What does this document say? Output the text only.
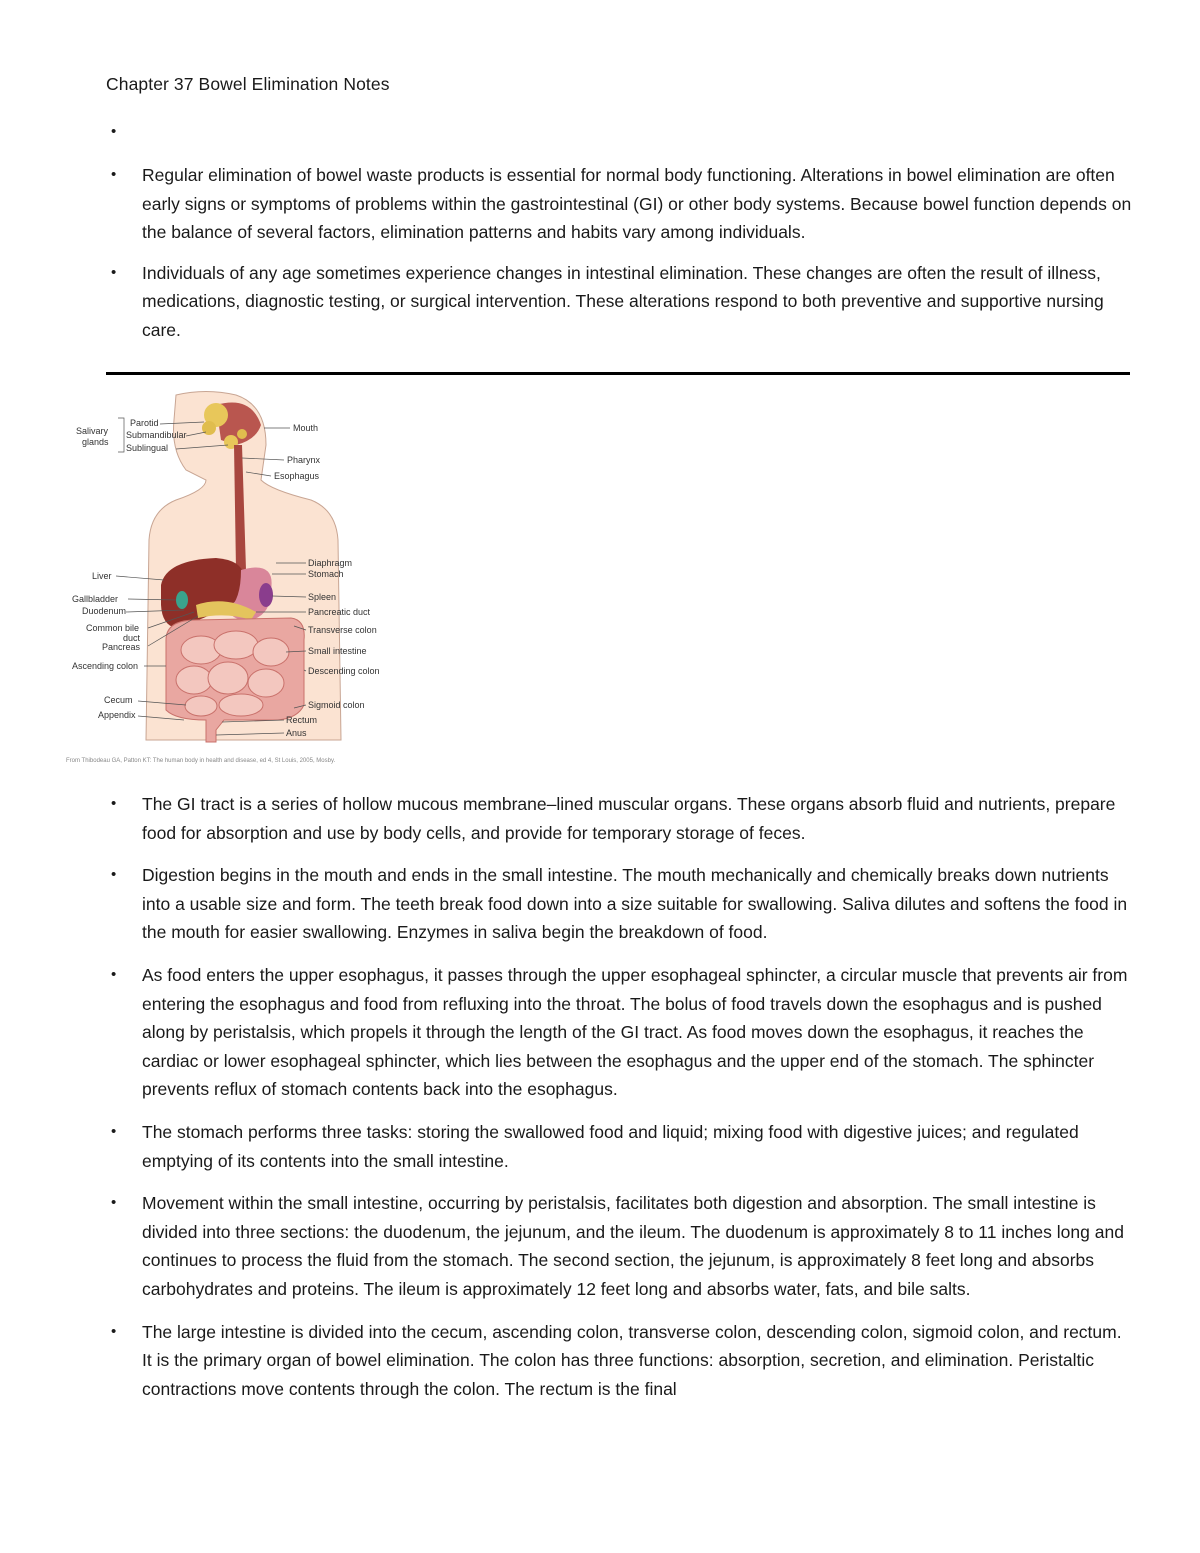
Chapter 37 Bowel Elimination Notes
•
• Regular elimination of bowel waste products is essential for normal body functioning. Alterations in bowel elimination are often early signs or symptoms of problems within the gastrointestinal (GI) or other body systems. Because bowel function depends on the balance of several factors, elimination patterns and habits vary among individuals.
• Individuals of any age sometimes experience changes in intestinal elimination. These changes are often the result of illness, medications, diagnostic testing, or surgical intervention. These alterations respond to both preventive and supportive nursing care.
Salivary
glands
Parotid
Submandibular
Sublingual
Liver
Gallbladder
Duodenum
Common bile
duct
Pancreas
Ascending colon
Cecum
Appendix
Mouth
Pharynx
Esophagus
Diaphragm
Stomach
Spleen
Pancreatic duct
Transverse colon
Small intestine
Descending colon
Sigmoid colon
Rectum
Anus
From Thibodeau GA, Patton KT: The human body in health and disease, ed 4, St Louis, 2005, Mosby.
• The GI tract is a series of hollow mucous membrane–lined muscular organs. These organs absorb fluid and nutrients, prepare food for absorption and use by body cells, and provide for temporary storage of feces.
• Digestion begins in the mouth and ends in the small intestine. The mouth mechanically and chemically breaks down nutrients into a usable size and form. The teeth break food down into a size suitable for swallowing. Saliva dilutes and softens the food in the mouth for easier swallowing. Enzymes in saliva begin the breakdown of food.
• As food enters the upper esophagus, it passes through the upper esophageal sphincter, a circular muscle that prevents air from entering the esophagus and food from refluxing into the throat. The bolus of food travels down the esophagus and is pushed along by peristalsis, which propels it through the length of the GI tract. As food moves down the esophagus, it reaches the cardiac or lower esophageal sphincter, which lies between the esophagus and the upper end of the stomach. The sphincter prevents reflux of stomach contents back into the esophagus.
• The stomach performs three tasks: storing the swallowed food and liquid; mixing food with digestive juices; and regulated emptying of its contents into the small intestine.
• Movement within the small intestine, occurring by peristalsis, facilitates both digestion and absorption. The small intestine is divided into three sections: the duodenum, the jejunum, and the ileum. The duodenum is approximately 8 to 11 inches long and continues to process the fluid from the stomach. The second section, the jejunum, is approximately 8 feet long and absorbs carbohydrates and proteins. The ileum is approximately 12 feet long and absorbs water, fats, and bile salts.
• The large intestine is divided into the cecum, ascending colon, transverse colon, descending colon, sigmoid colon, and rectum. It is the primary organ of bowel elimination. The colon has three functions: absorption, secretion, and elimination. Peristaltic contractions move contents through the colon. The rectum is the final
